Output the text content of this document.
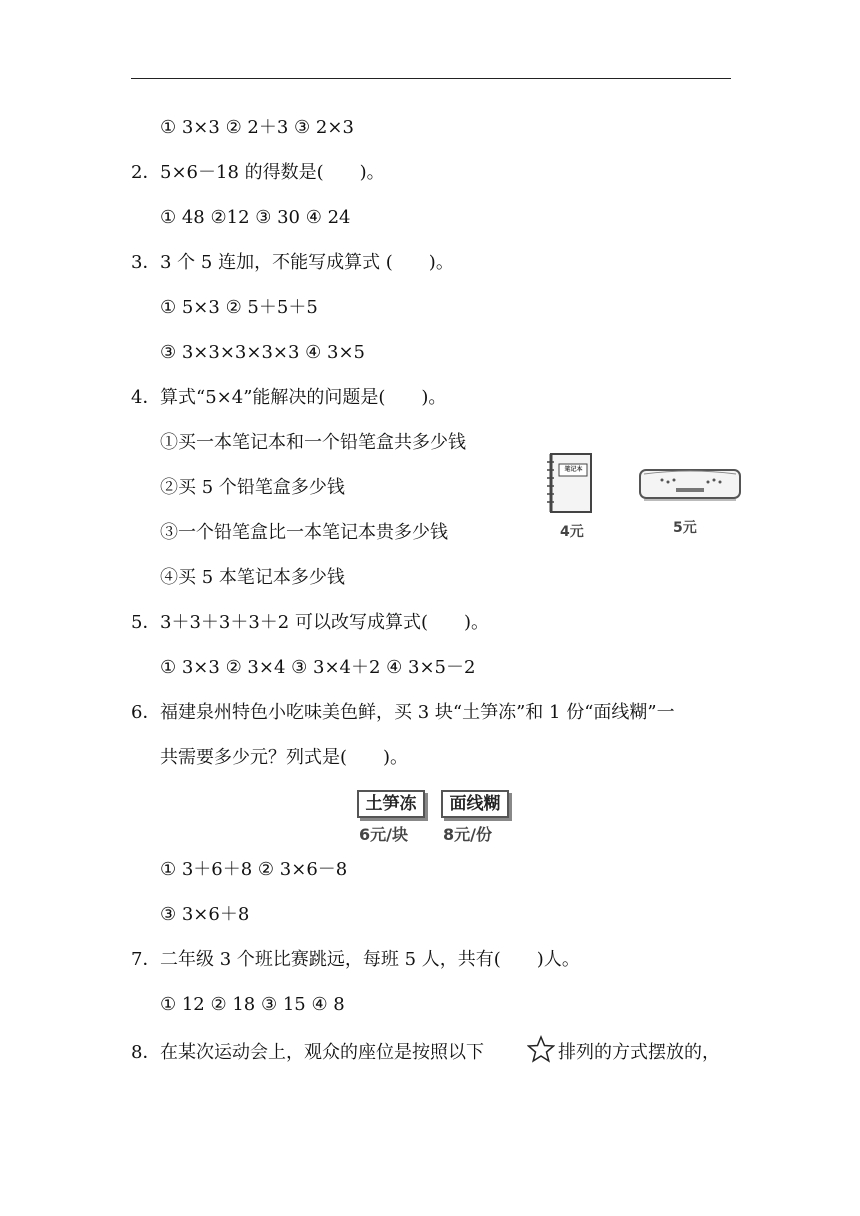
① 3×3 ② 2＋3 ③ 2×3
2． 5×6－18 的得数是(　　)。
① 48 ②12 ③ 30 ④ 24
3． 3 个 5 连加，不能写成算式 (　　)。
① 5×3 ② 5＋5＋5
③ 3×3×3×3×3 ④ 3×5
4． 算式“5×4”能解决的问题是(　　)。
①买一本笔记本和一个铅笔盒共多少钱
②买 5 个铅笔盒多少钱
③一个铅笔盒比一本笔记本贵多少钱
④买 5 本笔记本多少钱
笔记本
4元	5元
5． 3＋3＋3＋3＋2 可以改写成算式(　　)。
① 3×3 ② 3×4 ③ 3×4＋2 ④ 3×5－2
6． 福建泉州特色小吃味美色鲜，买 3 块“土笋冻”和 1 份“面线糊”一
共需要多少元？列式是(　　)。
土笋冻	面线糊
6元/块 8元/份
① 3＋6＋8 ② 3×6－8
③ 3×6＋8
7． 二年级 3 个班比赛跳远，每班 5 人，共有(　　)人。
① 12 ② 18 ③ 15 ④ 8
8． 在某次运动会上，观众的座位是按照以下	排列的方式摆放的，
